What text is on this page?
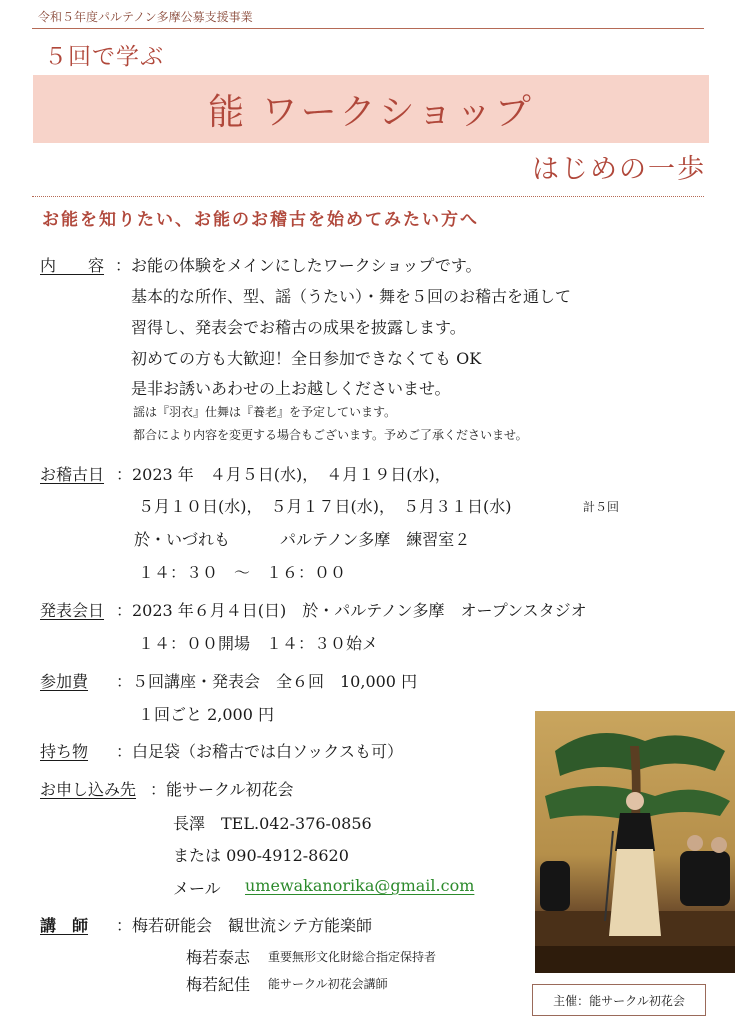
令和５年度パルテノン多摩公募支援事業
５回で学ぶ
能 ワークショップ
はじめの一歩
お能を知りたい、お能のお稽古を始めてみたい方へ
内　　容 ：お能の体験をメインにしたワークショップです。
基本的な所作、型、謡（うたい）・舞を５回のお稽古を通して
習得し、発表会でお稽古の成果を披露します。
初めての方も大歓迎！全日参加できなくても OK
是非お誘いあわせの上お越しくださいませ。
謡は『羽衣』仕舞は『養老』を予定しています。
都合により内容を変更する場合もございます。予めご了承くださいませ。
お稽古日 ：2023 年　４月５日(水)，　４月１９日(水)，
５月１０日(水)，　５月１７日(水)，　５月３１日(水)	計５回
於・いづれも	パルテノン多摩　練習室２
１４：３０　～　１６：００
発表会日 ：2023 年６月４日(日)　於・パルテノン多摩　オープンスタジオ
１４：００開場　１４：３０始メ
参加費 ：５回講座・発表会　全６回　10,000 円
１回ごと 2,000 円
持ち物 ：白足袋（お稽古では白ソックスも可）
お申し込み先 ：能サークル初花会
長澤　TEL.042-376-0856
または 090-4912-8620
メール umewakanorika@gmail.com
講　師 ：梅若研能会　観世流シテ方能楽師
梅若泰志 重要無形文化財総合指定保持者
梅若紀佳 能サークル初花会講師
主催：能サークル初花会
